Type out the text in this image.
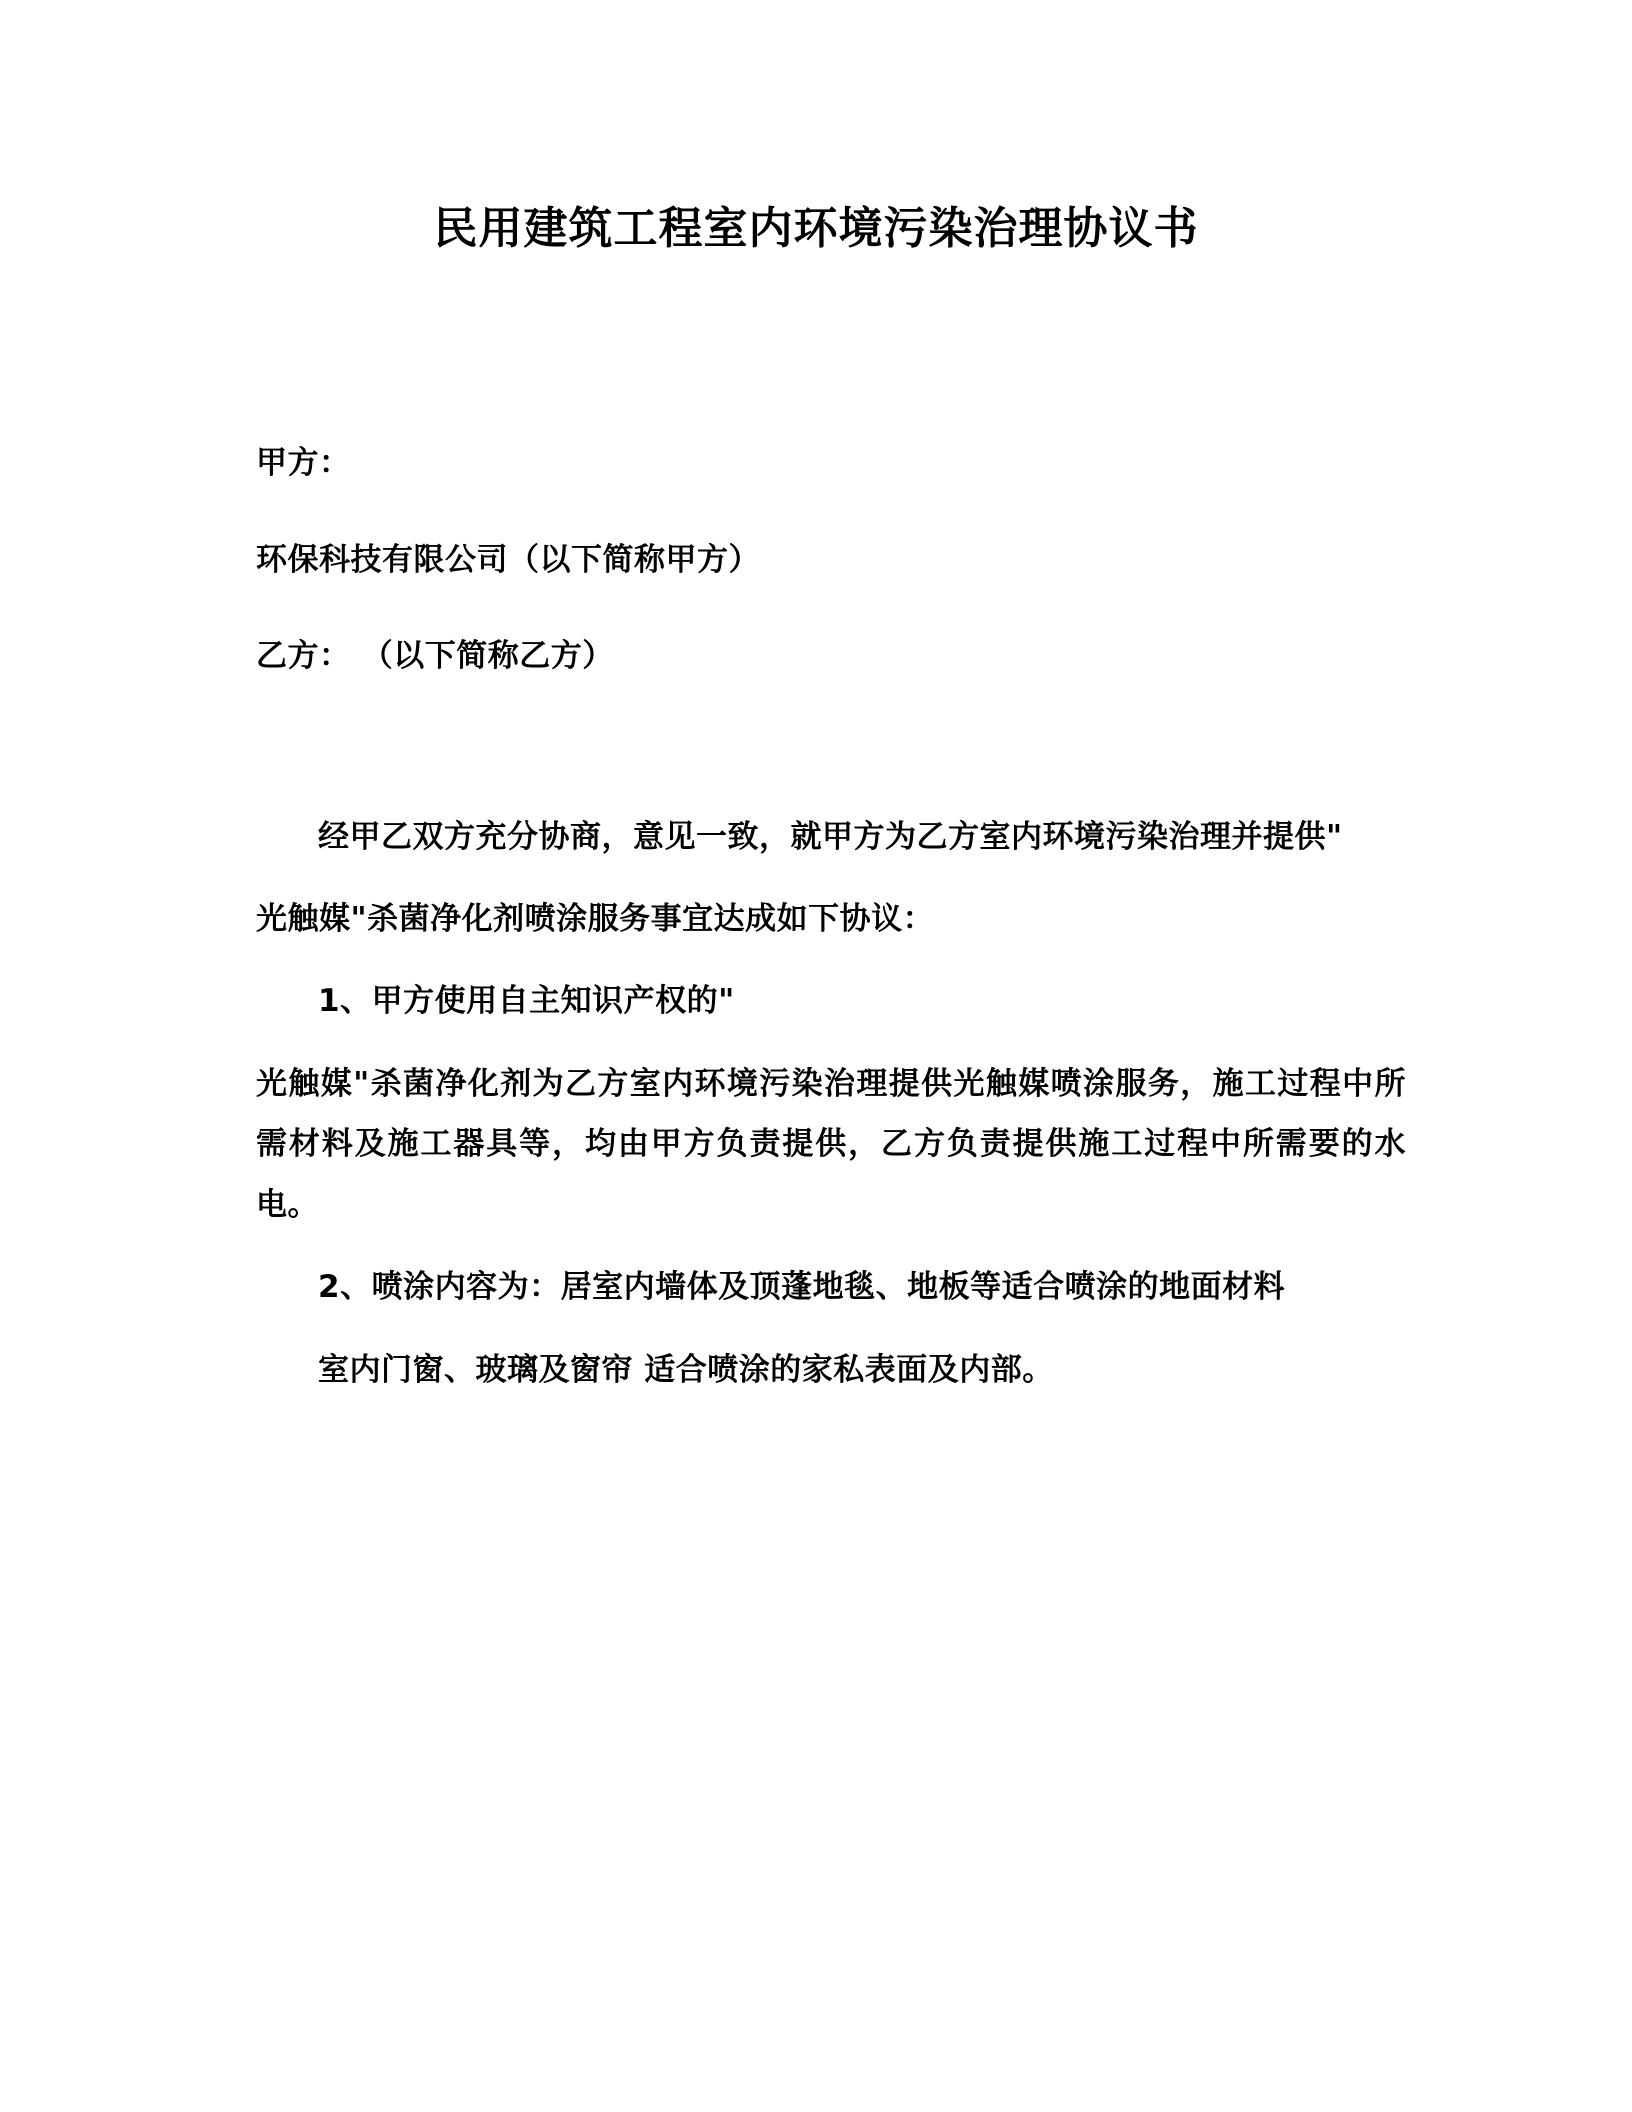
民用建筑工程室内环境污染治理协议书

甲方：

环保科技有限公司（以下简称甲方）

乙方： （以下简称乙方）

经甲乙双方充分协商，意见一致，就甲方为乙方室内环境污染治理并提供"

光触媒"杀菌净化剂喷涂服务事宜达成如下协议：

1、甲方使用自主知识产权的"

光触媒"杀菌净化剂为乙方室内环境污染治理提供光触媒喷涂服务，施工过程中所需材料及施工器具等，均由甲方负责提供，乙方负责提供施工过程中所需要的水电。

2、喷涂内容为：居室内墙体及顶蓬地毯、地板等适合喷涂的地面材料

室内门窗、玻璃及窗帘 适合喷涂的家私表面及内部。
